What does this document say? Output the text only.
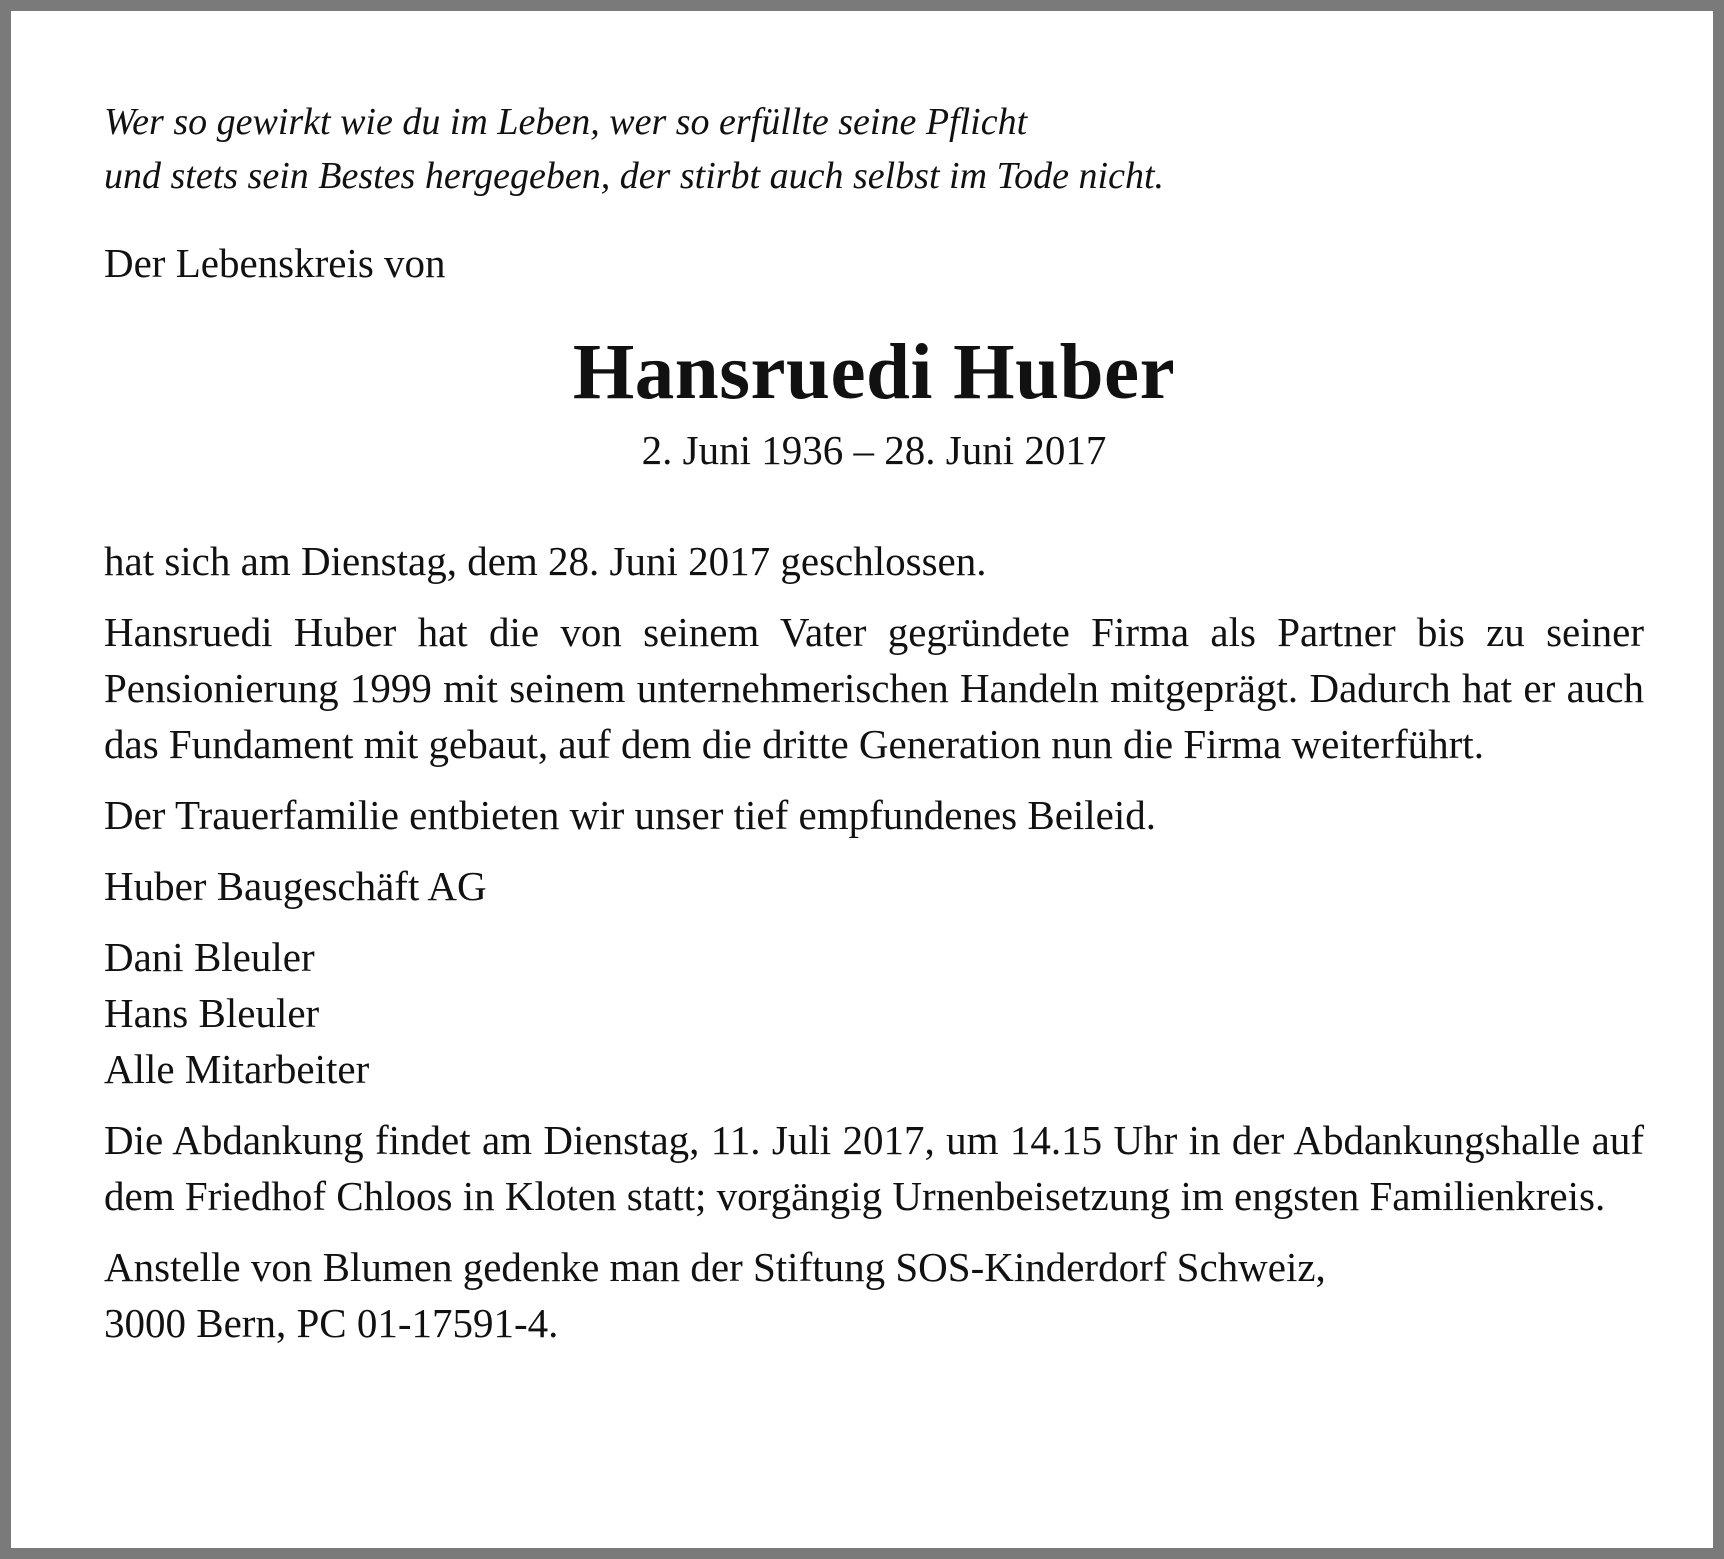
Wer so gewirkt wie du im Leben, wer so erfüllte seine Pflicht
und stets sein Bestes hergegeben, der stirbt auch selbst im Tode nicht.

Der Lebenskreis von

Hansruedi Huber

2. Juni 1936 – 28. Juni 2017

hat sich am Dienstag, dem 28. Juni 2017 geschlossen.

Hansruedi Huber hat die von seinem Vater gegründete Firma als Partner bis zu seiner Pensionierung 1999 mit seinem unternehmerischen Handeln mitgeprägt. Dadurch hat er auch das Fundament mit gebaut, auf dem die dritte Generation nun die Firma weiterführt.

Der Trauerfamilie entbieten wir unser tief empfundenes Beileid.

Huber Baugeschäft AG

Dani Bleuler
Hans Bleuler
Alle Mitarbeiter

Die Abdankung findet am Dienstag, 11. Juli 2017, um 14.15 Uhr in der Abdankungshalle auf dem Friedhof Chloos in Kloten statt; vorgängig Urnenbeisetzung im engsten Familienkreis.

Anstelle von Blumen gedenke man der Stiftung SOS-Kinderdorf Schweiz,
3000 Bern, PC 01-17591-4.
